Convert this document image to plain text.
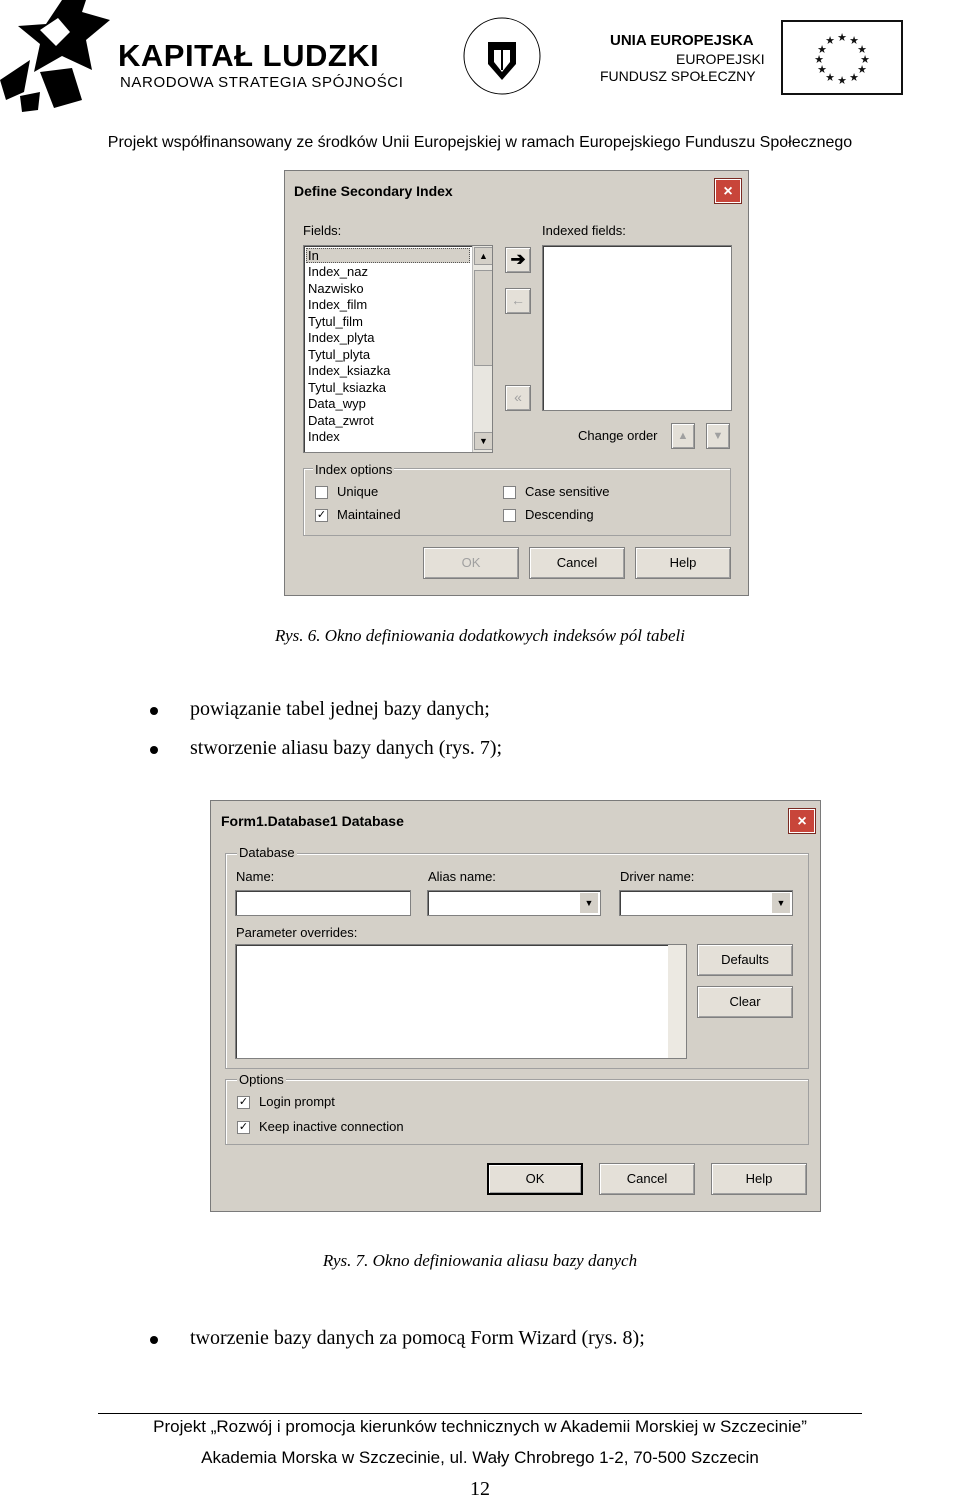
KAPITAŁ LUDZKI
NARODOWA STRATEGIA SPÓJNOŚCI
UNIA EUROPEJSKA
EUROPEJSKI
FUNDUSZ SPOŁECZNY
★ ★
★
★
★
★
★
★
★
★
★
★
Projekt współfinansowany ze środków Unii Europejskiej w ramach Europejskiego Funduszu Społecznego
Define Secondary Index	×
Fields:	Indexed fields:
In
Index_naz
Nazwisko
Index_film
Tytul_film
Index_plyta
Tytul_plyta
Index_ksiazka
Tytul_ksiazka
Data_wyp
Data_zwrot
Index
▲
▼
➔
←
«
Change order	▲	▼
Index options
Unique
✓ Maintained
Case sensitive
Descending
OK	Cancel	Help
Rys. 6. Okno definiowania dodatkowych indeksów pól tabeli
powiązanie tabel jednej bazy danych;
stworzenie aliasu bazy danych (rys. 7);
Form1.Database1 Database	×
Database
Name:	Alias name:	Driver name:
▼	▼
Parameter overrides:
Defaults
Clear
Options
✓ Login prompt
✓ Keep inactive connection
OK	Cancel	Help
Rys. 7. Okno definiowania aliasu bazy danych
tworzenie bazy danych za pomocą Form Wizard (rys. 8);
Projekt „Rozwój i promocja kierunków technicznych w Akademii Morskiej w Szczecinie”
Akademia Morska w Szczecinie, ul. Wały Chrobrego 1-2, 70-500 Szczecin
12
